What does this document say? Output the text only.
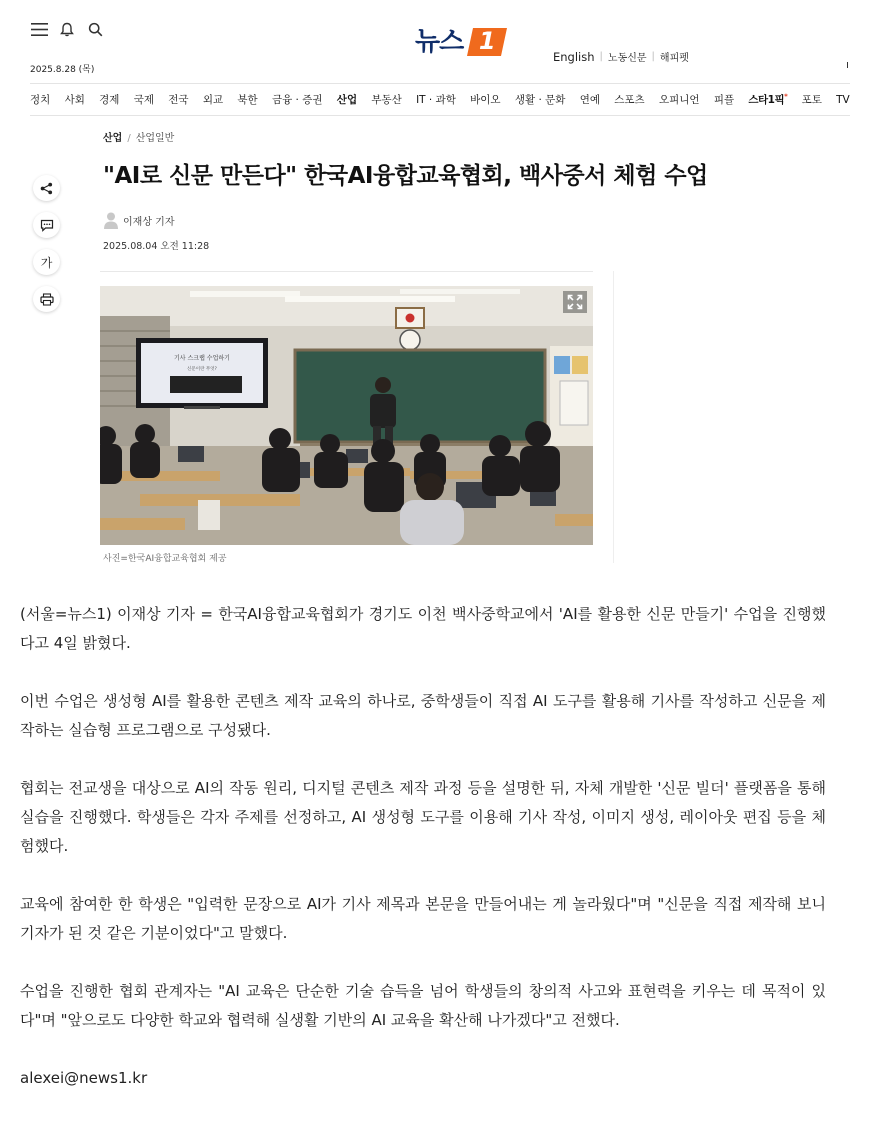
2025.8.28 (목)
뉴스 1
English | 노동신문 | 해피펫
정치 사회 경제 국제 전국 외교 북한 금융 · 증권 산업 부동산 IT · 과학 바이오 생활 · 문화 연예 스포츠 오피니언 피플 스타1픽* 포토 TV
산업 / 산업일반
"AI로 신문 만든다" 한국AI융합교육협회, 백사중서 체험 수업
이재상 기자
2025.08.04 오전 11:28
가
기사 스크랩 수업하기
신문이란 무엇?
사진=한국AI융합교육협회 제공

(서울=뉴스1) 이재상 기자 = 한국AI융합교육협회가 경기도 이천 백사중학교에서 'AI를 활용한 신문 만들기' 수업을 진행했다고 4일 밝혔다.

이번 수업은 생성형 AI를 활용한 콘텐츠 제작 교육의 하나로, 중학생들이 직접 AI 도구를 활용해 기사를 작성하고 신문을 제작하는 실습형 프로그램으로 구성됐다.

협회는 전교생을 대상으로 AI의 작동 원리, 디지털 콘텐츠 제작 과정 등을 설명한 뒤, 자체 개발한 '신문 빌더' 플랫폼을 통해 실습을 진행했다. 학생들은 각자 주제를 선정하고, AI 생성형 도구를 이용해 기사 작성, 이미지 생성, 레이아웃 편집 등을 체험했다.

교육에 참여한 한 학생은 "입력한 문장으로 AI가 기사 제목과 본문을 만들어내는 게 놀라웠다"며 "신문을 직접 제작해 보니 기자가 된 것 같은 기분이었다"고 말했다.

수업을 진행한 협회 관계자는 "AI 교육은 단순한 기술 습득을 넘어 학생들의 창의적 사고와 표현력을 키우는 데 목적이 있다"며 "앞으로도 다양한 학교와 협력해 실생활 기반의 AI 교육을 확산해 나가겠다"고 전했다.

alexei@news1.kr
